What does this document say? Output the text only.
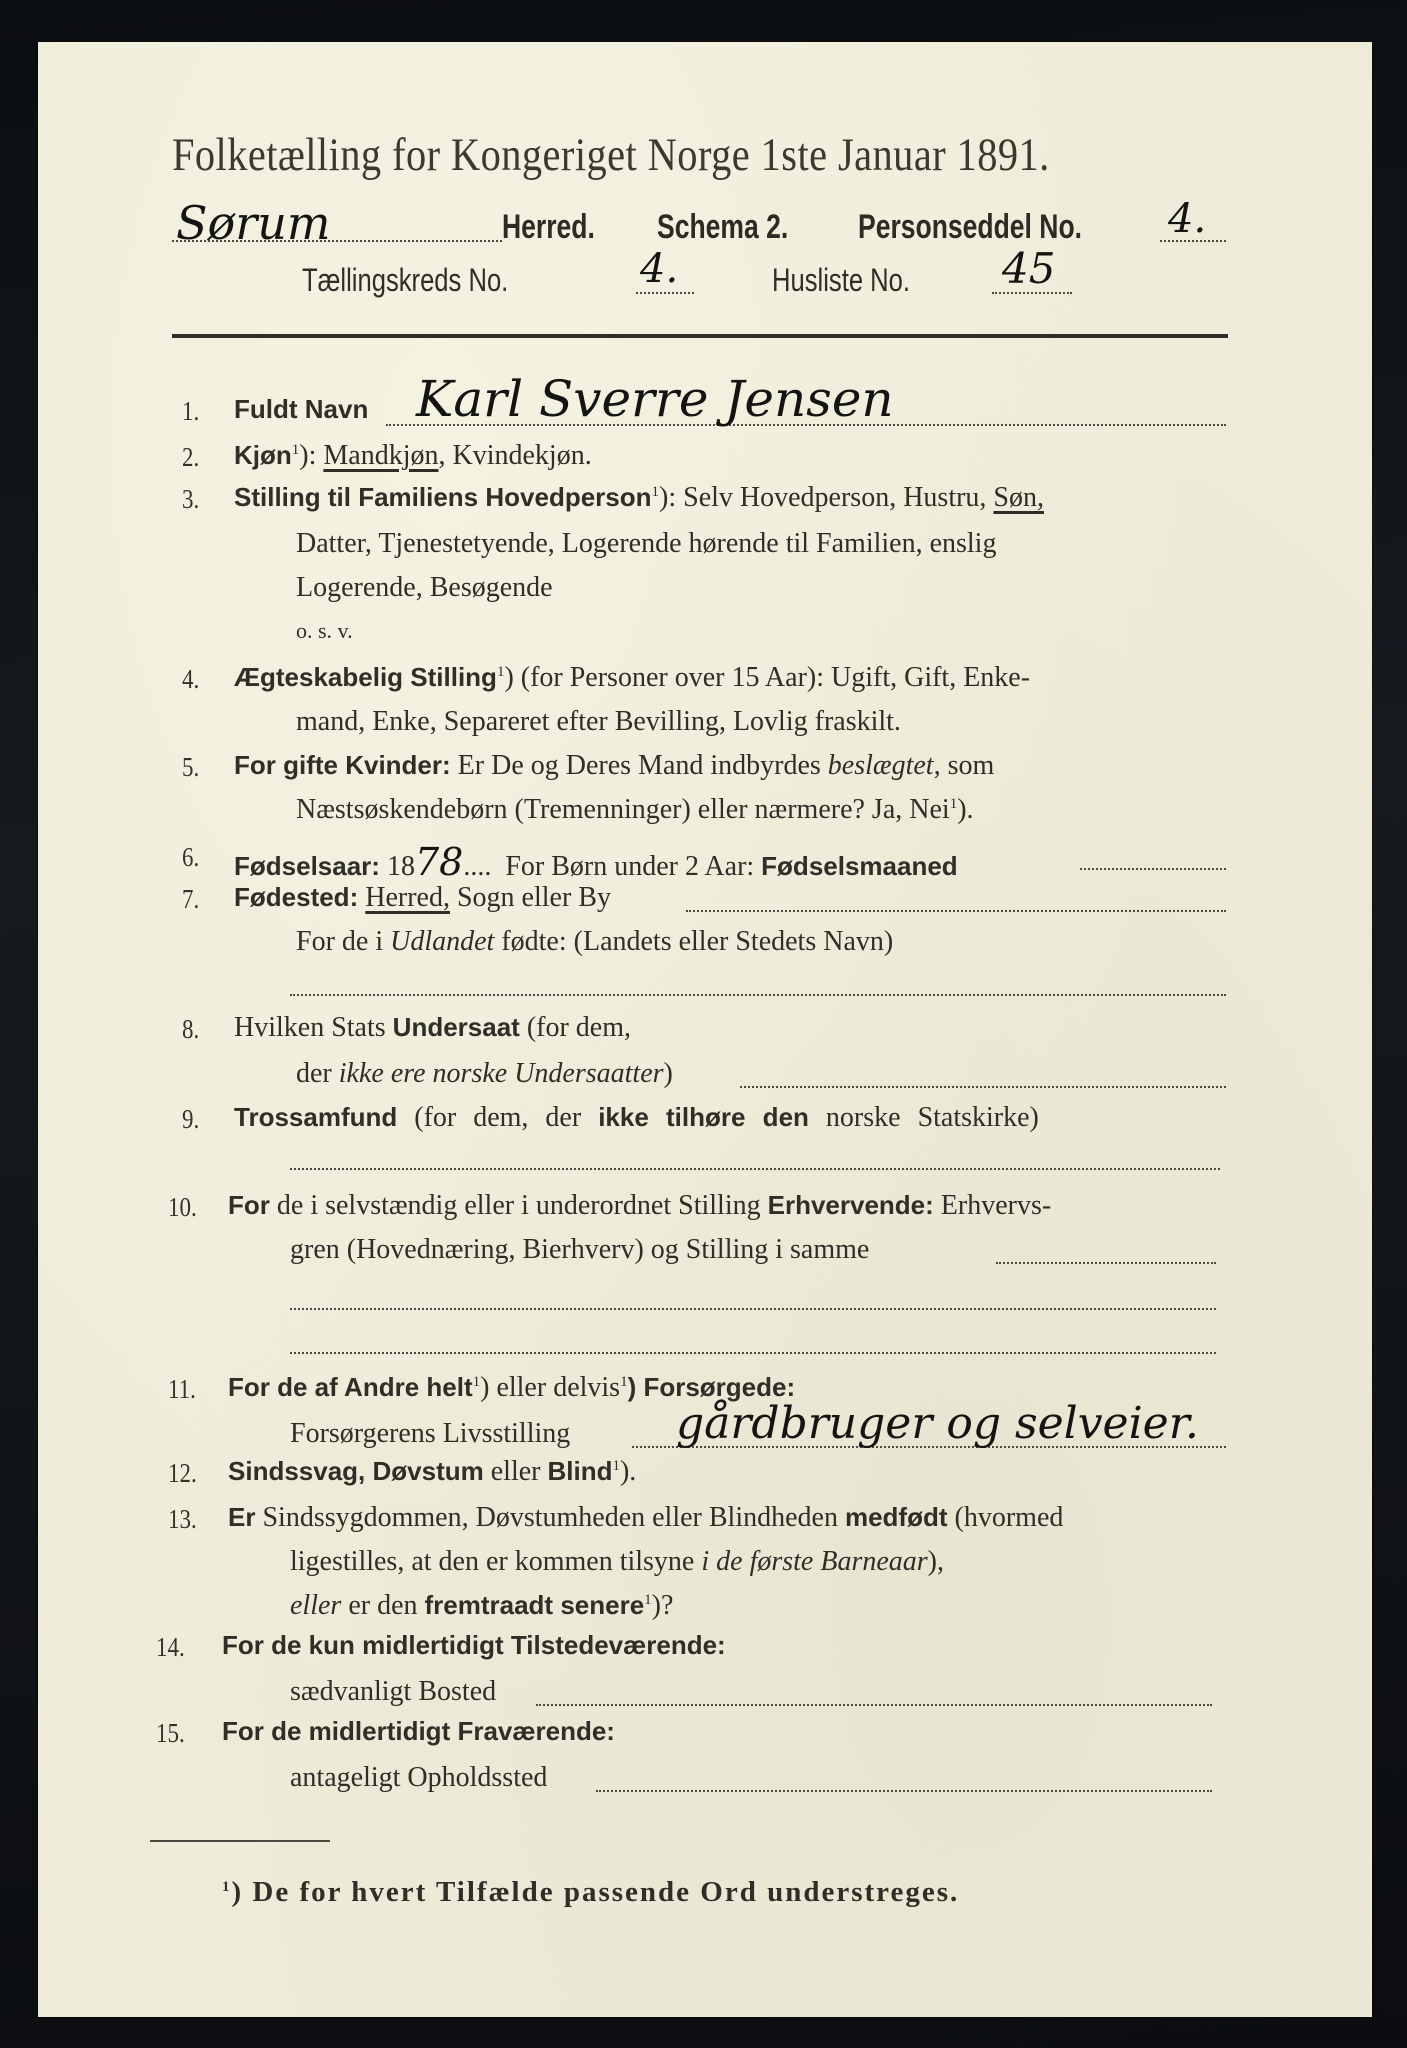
Folketælling for Kongeriget Norge 1ste Januar 1891.
Sørum	Herred. Schema 2. Personseddel No. 4.
Tællingskreds No.	4.	Husliste No. 45
1. Fuldt Navn Karl Sverre Jensen
2. Kjøn$^1$): Mandkjøn, Kvindekjøn.
3. Stilling til Familiens Hovedperson$^1$): Selv Hovedperson, Hustru, Søn,
Datter, Tjenestetyende, Logerende hørende til Familien, enslig
Logerende, Besøgende
o. s. v.
4. Ægteskabelig Stilling$^1$) (for Personer over 15 Aar): Ugift, Gift, Enke-
mand, Enke, Separeret efter Bevilling, Lovlig fraskilt.
5. For gifte Kvinder: Er De og Deres Mand indbyrdes beslægtet, som
Næstsøskendebørn (Tremenninger) eller nærmere? Ja, Nei$^1$).
6. Fødselsaar: 1878.... For Børn under 2 Aar: Fødselsmaaned
7. Fødested: Herred, Sogn eller By
For de i Udlandet fødte: (Landets eller Stedets Navn)
8. Hvilken Stats Undersaat (for dem,
der ikke ere norske Undersaatter)
9. Trossamfund (for dem, der ikke tilhøre den norske Statskirke)
10. For de i selvstændig eller i underordnet Stilling Erhvervende: Erhvervs-
gren (Hovednæring, Bierhverv) og Stilling i samme
11. For de af Andre helt$^1$) eller delvis$^1$) Forsørgede:
Forsørgerens Livsstilling gårdbruger og selveier.
12. Sindssvag, Døvstum eller Blind$^1$).
13. Er Sindssygdommen, Døvstumheden eller Blindheden medfødt (hvormed
ligestilles, at den er kommen tilsyne i de første Barneaar),
eller er den fremtraadt senere$^1$)?
14. For de kun midlertidigt Tilstedeværende:
sædvanligt Bosted
15. For de midlertidigt Fraværende:
antageligt Opholdssted
$^1$) De for hvert Tilfælde passende Ord understreges.
